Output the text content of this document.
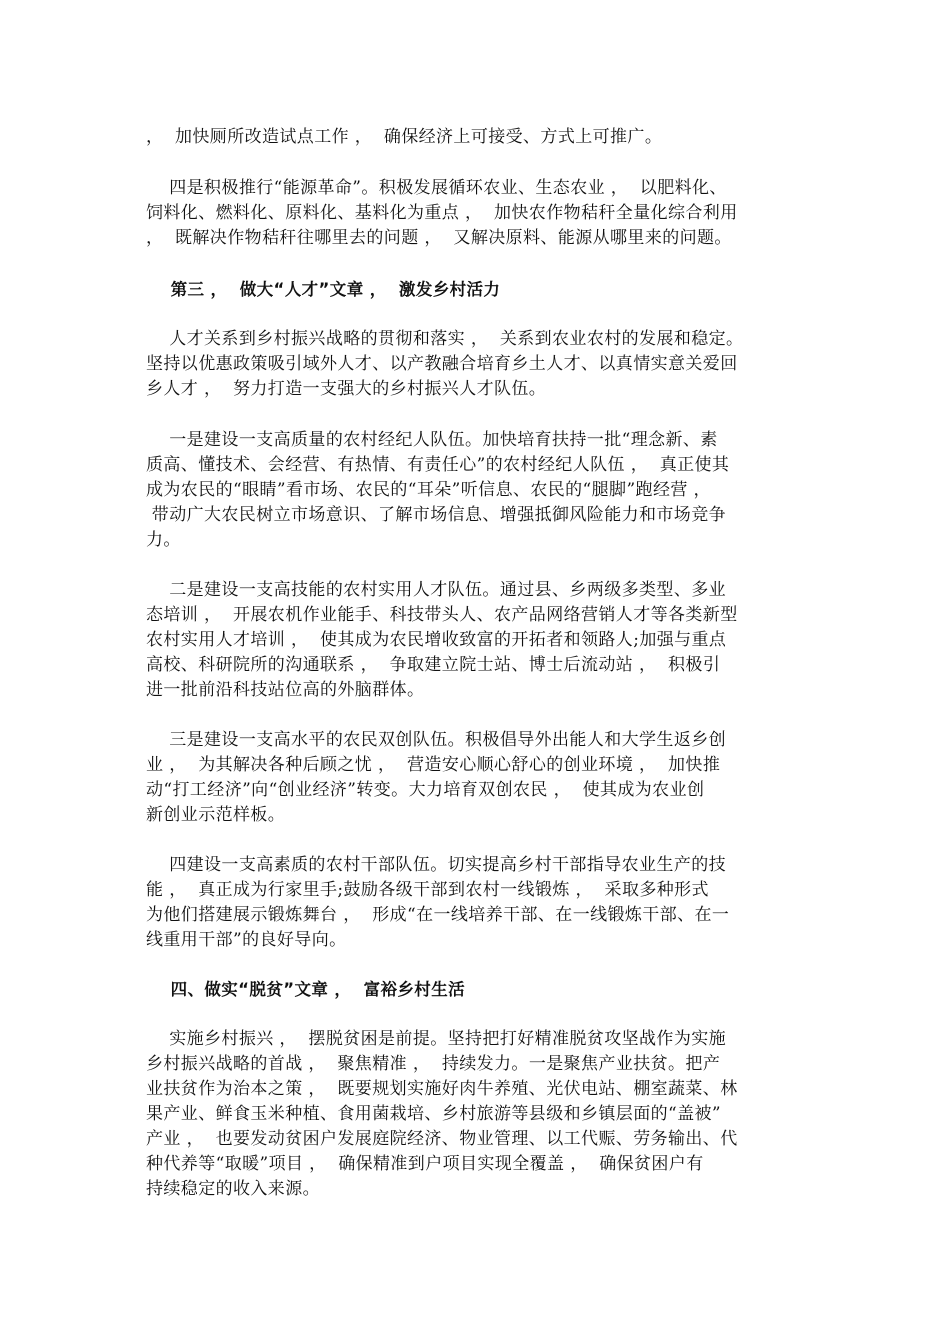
，  加快厕所改造试点工作 ，  确保经济上可接受、方式上可推广。
四是积极推行“能源革命”。积极发展循环农业、生态农业 ，  以肥料化、
饲料化、燃料化、原料化、基料化为重点 ，  加快农作物秸秆全量化综合利用
，  既解决作物秸秆往哪里去的问题 ，  又解决原料、能源从哪里来的问题。
第三 ，  做大“人才”文章 ，  激发乡村活力
人才关系到乡村振兴战略的贯彻和落实 ，  关系到农业农村的发展和稳定。
坚持以优惠政策吸引域外人才、以产教融合培育乡土人才、以真情实意关爱回
乡人才 ，  努力打造一支强大的乡村振兴人才队伍。
一是建设一支高质量的农村经纪人队伍。加快培育扶持一批“理念新、素
质高、懂技术、会经营、有热情、有责任心”的农村经纪人队伍 ，  真正使其
成为农民的“眼睛”看市场、农民的“耳朵”听信息、农民的“腿脚”跑经营 ，
带动广大农民树立市场意识、了解市场信息、增强抵御风险能力和市场竞争
力。
二是建设一支高技能的农村实用人才队伍。通过县、乡两级多类型、多业
态培训 ，  开展农机作业能手、科技带头人、农产品网络营销人才等各类新型
农村实用人才培训 ，  使其成为农民增收致富的开拓者和领路人;加强与重点
高校、科研院所的沟通联系 ，  争取建立院士站、博士后流动站 ，  积极引
进一批前沿科技站位高的外脑群体。
三是建设一支高水平的农民双创队伍。积极倡导外出能人和大学生返乡创
业 ，  为其解决各种后顾之忧 ，  营造安心顺心舒心的创业环境 ，  加快推
动“打工经济”向“创业经济”转变。大力培育双创农民 ，  使其成为农业创
新创业示范样板。
四建设一支高素质的农村干部队伍。切实提高乡村干部指导农业生产的技
能 ，  真正成为行家里手;鼓励各级干部到农村一线锻炼 ，  采取多种形式
为他们搭建展示锻炼舞台 ，  形成“在一线培养干部、在一线锻炼干部、在一
线重用干部”的良好导向。
四、做实“脱贫”文章 ，  富裕乡村生活
实施乡村振兴 ，  摆脱贫困是前提。坚持把打好精准脱贫攻坚战作为实施
乡村振兴战略的首战 ，  聚焦精准 ，  持续发力。一是聚焦产业扶贫。把产
业扶贫作为治本之策 ，  既要规划实施好肉牛养殖、光伏电站、棚室蔬菜、林
果产业、鲜食玉米种植、食用菌栽培、乡村旅游等县级和乡镇层面的“盖被”
产业 ，  也要发动贫困户发展庭院经济、物业管理、以工代赈、劳务输出、代
种代养等“取暖”项目 ，  确保精准到户项目实现全覆盖 ，  确保贫困户有
持续稳定的收入来源。
